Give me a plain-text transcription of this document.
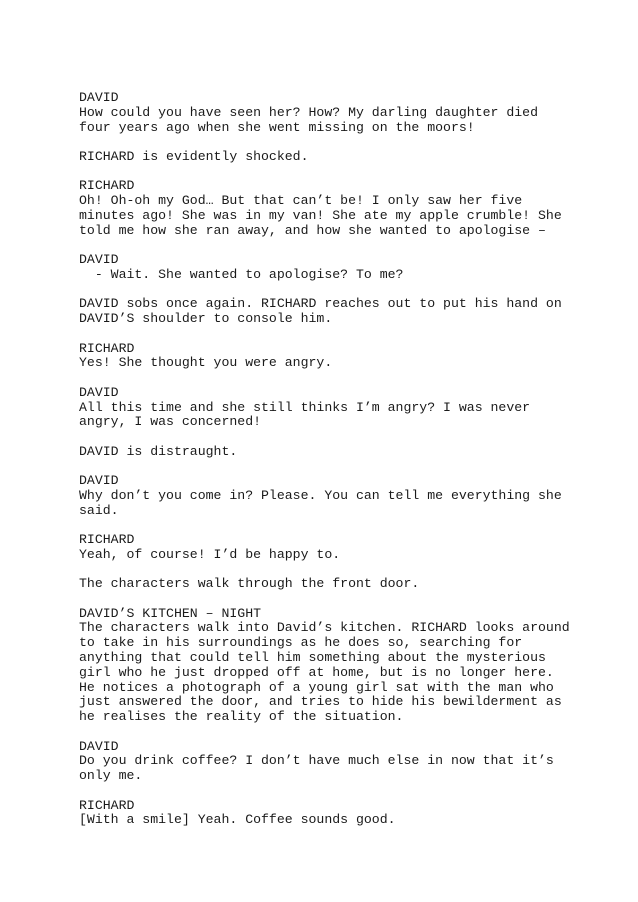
DAVID
How could you have seen her? How? My darling daughter died
four years ago when she went missing on the moors!
RICHARD is evidently shocked.
RICHARD
Oh! Oh-oh my God… But that can’t be! I only saw her five
minutes ago! She was in my van! She ate my apple crumble! She
told me how she ran away, and how she wanted to apologise –
DAVID
- Wait. She wanted to apologise? To me?
DAVID sobs once again. RICHARD reaches out to put his hand on
DAVID’S shoulder to console him.
RICHARD
Yes! She thought you were angry.
DAVID
All this time and she still thinks I’m angry? I was never
angry, I was concerned!
DAVID is distraught.
DAVID
Why don’t you come in? Please. You can tell me everything she
said.
RICHARD
Yeah, of course! I’d be happy to.
The characters walk through the front door.
DAVID’S KITCHEN – NIGHT
The characters walk into David’s kitchen. RICHARD looks around
to take in his surroundings as he does so, searching for
anything that could tell him something about the mysterious
girl who he just dropped off at home, but is no longer here.
He notices a photograph of a young girl sat with the man who
just answered the door, and tries to hide his bewilderment as
he realises the reality of the situation.
DAVID
Do you drink coffee? I don’t have much else in now that it’s
only me.
RICHARD
[With a smile] Yeah. Coffee sounds good.
